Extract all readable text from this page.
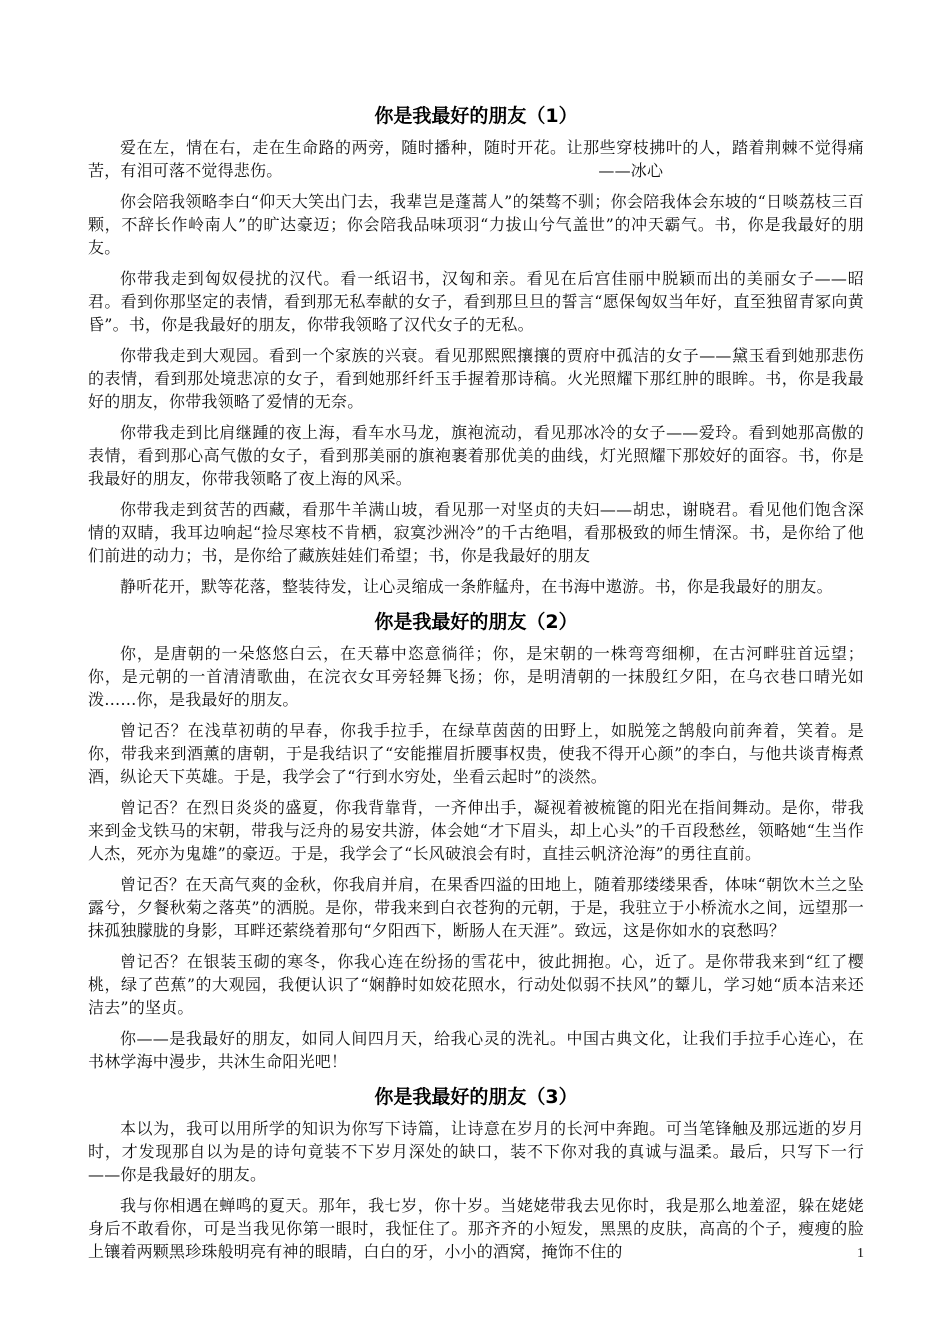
你是我最好的朋友（1）

爱在左，情在右，走在生命路的两旁，随时播种，随时开花。让那些穿枝拂叶的人，踏着荆棘不觉得痛苦，有泪可落不觉得悲伤。　　　　　　　　　　　　　　　　　　　　——冰心

你会陪我领略李白“仰天大笑出门去，我辈岂是蓬蒿人”的桀骜不驯；你会陪我体会东坡的“日啖荔枝三百颗，不辞长作岭南人”的旷达豪迈；你会陪我品味项羽“力拔山兮气盖世”的冲天霸气。书，你是我最好的朋友。

你带我走到匈奴侵扰的汉代。看一纸诏书，汉匈和亲。看见在后宫佳丽中脱颖而出的美丽女子——昭君。看到你那坚定的表情，看到那无私奉献的女子，看到那旦旦的誓言“愿保匈奴当年好，直至独留青冢向黄昏”。书，你是我最好的朋友，你带我领略了汉代女子的无私。

你带我走到大观园。看到一个家族的兴衰。看见那熙熙攘攘的贾府中孤洁的女子——黛玉看到她那悲伤的表情，看到那处境悲凉的女子，看到她那纤纤玉手握着那诗稿。火光照耀下那红肿的眼眸。书，你是我最好的朋友，你带我领略了爱情的无奈。

你带我走到比肩继踵的夜上海，看车水马龙，旗袍流动，看见那冰冷的女子——爱玲。看到她那高傲的表情，看到那心高气傲的女子，看到那美丽的旗袍裹着那优美的曲线，灯光照耀下那姣好的面容。书，你是我最好的朋友，你带我领略了夜上海的风采。

你带我走到贫苦的西藏，看那牛羊满山坡，看见那一对坚贞的夫妇——胡忠，谢晓君。看见他们饱含深情的双睛，我耳边响起“捡尽寒枝不肯栖，寂寞沙洲冷”的千古绝唱，看那极致的师生情深。书，是你给了他们前进的动力；书，是你给了藏族娃娃们希望；书，你是我最好的朋友

静听花开，默等花落，整装待发，让心灵缩成一条舴艋舟，在书海中遨游。书，你是我最好的朋友。

你是我最好的朋友（2）

你，是唐朝的一朵悠悠白云，在天幕中恣意徜徉；你，是宋朝的一株弯弯细柳，在古河畔驻首远望；你，是元朝的一首清清歌曲，在浣衣女耳旁轻舞飞扬；你，是明清朝的一抹殷红夕阳，在乌衣巷口晴光如泼……你，是我最好的朋友。

曾记否？在浅草初萌的早春，你我手拉手，在绿草茵茵的田野上，如脱笼之鹄般向前奔着，笑着。是你，带我来到酒薰的唐朝，于是我结识了“安能摧眉折腰事权贵，使我不得开心颜”的李白，与他共谈青梅煮酒，纵论天下英雄。于是，我学会了“行到水穷处，坐看云起时”的淡然。

曾记否？在烈日炎炎的盛夏，你我背靠背，一齐伸出手，凝视着被梳篦的阳光在指间舞动。是你，带我来到金戈铁马的宋朝，带我与泛舟的易安共游，体会她“才下眉头，却上心头”的千百段愁丝，领略她“生当作人杰，死亦为鬼雄”的豪迈。于是，我学会了“长风破浪会有时，直挂云帆济沧海”的勇往直前。

曾记否？在天高气爽的金秋，你我肩并肩，在果香四溢的田地上，随着那缕缕果香，体味“朝饮木兰之坠露兮，夕餐秋菊之落英”的洒脱。是你，带我来到白衣苍狗的元朝，于是，我驻立于小桥流水之间，远望那一抹孤独朦胧的身影，耳畔还萦绕着那句“夕阳西下，断肠人在天涯”。致远，这是你如水的哀愁吗？

曾记否？在银装玉砌的寒冬，你我心连在纷扬的雪花中，彼此拥抱。心，近了。是你带我来到“红了樱桃，绿了芭蕉”的大观园，我便认识了“娴静时如姣花照水，行动处似弱不扶风”的颦儿，学习她“质本洁来还洁去”的坚贞。

你——是我最好的朋友，如同人间四月天，给我心灵的洗礼。中国古典文化，让我们手拉手心连心，在书林学海中漫步，共沐生命阳光吧！

你是我最好的朋友（3）

本以为，我可以用所学的知识为你写下诗篇，让诗意在岁月的长河中奔跑。可当笔锋触及那远逝的岁月时，才发现那自以为是的诗句竟装不下岁月深处的缺口，装不下你对我的真诚与温柔。最后，只写下一行——你是我最好的朋友。

我与你相遇在蝉鸣的夏天。那年，我七岁，你十岁。当姥姥带我去见你时，我是那么地羞涩，躲在姥姥身后不敢看你，可是当我见你第一眼时，我怔住了。那齐齐的小短发，黑黑的皮肤，高高的个子，瘦瘦的脸上镶着两颗黑珍珠般明亮有神的眼睛，白白的牙，小小的酒窝，掩饰不住的	1
